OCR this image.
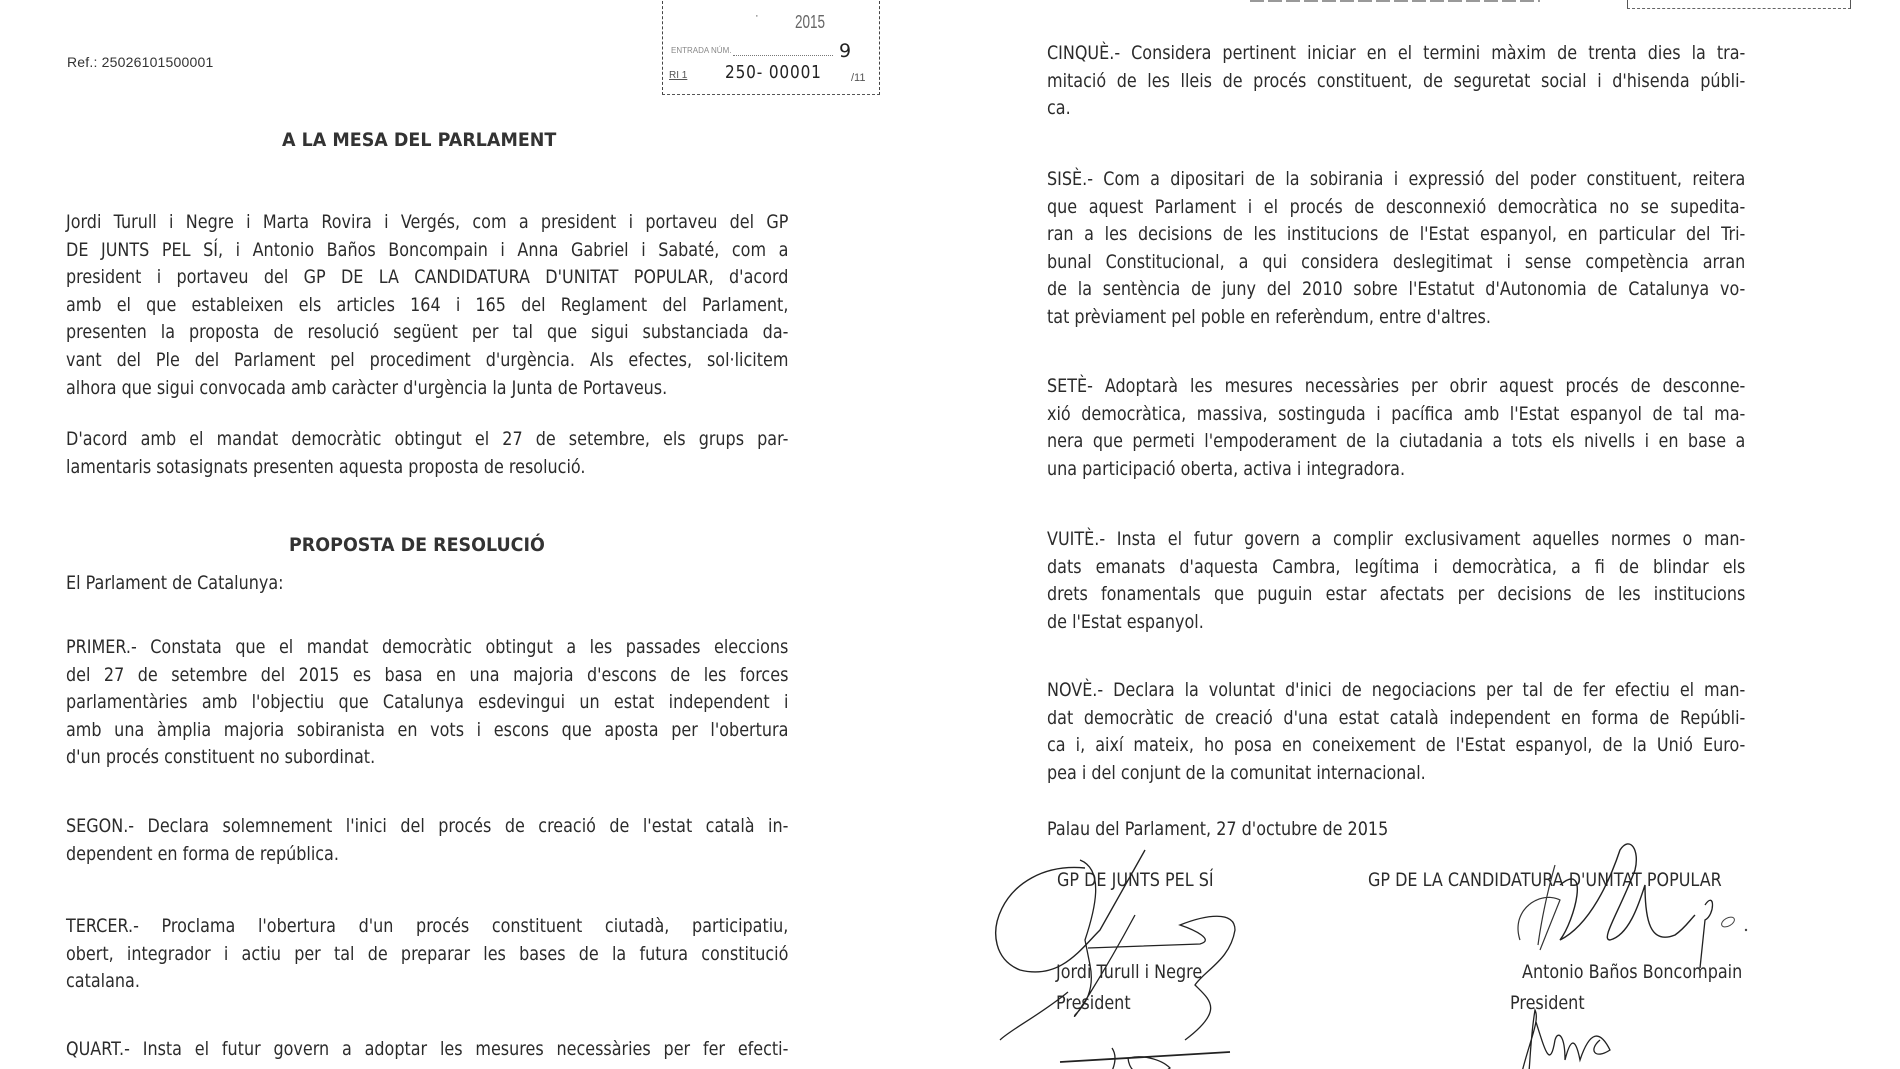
Ref.: 25026101500001
· 2015
ENTRADA NÚM.	9
RI 1 250- 00001	/11
A LA MESA DEL PARLAMENT
Jordi Turull i Negre i Marta Rovira i Vergés, com a president i portaveu del GP
DE JUNTS PEL SÍ, i Antonio Baños Boncompain i Anna Gabriel i Sabaté, com a
president i portaveu del GP DE LA CANDIDATURA D'UNITAT POPULAR, d'acord
amb el que estableixen els articles 164 i 165 del Reglament del Parlament,
presenten la proposta de resolució següent per tal que sigui substanciada da-
vant del Ple del Parlament pel procediment d'urgència. Als efectes, sol·licitem
alhora que sigui convocada amb caràcter d'urgència la Junta de Portaveus.
D'acord amb el mandat democràtic obtingut el 27 de setembre, els grups par-
lamentaris sotasignats presenten aquesta proposta de resolució.
PROPOSTA DE RESOLUCIÓ
El Parlament de Catalunya:
PRIMER.- Constata que el mandat democràtic obtingut a les passades eleccions
del 27 de setembre del 2015 es basa en una majoria d'escons de les forces
parlamentàries amb l'objectiu que Catalunya esdevingui un estat independent i
amb una àmplia majoria sobiranista en vots i escons que aposta per l'obertura
d'un procés constituent no subordinat.
SEGON.- Declara solemnement l'inici del procés de creació de l'estat català in-
dependent en forma de república.
TERCER.- Proclama l'obertura d'un procés constituent ciutadà, participatiu,
obert, integrador i actiu per tal de preparar les bases de la futura constitució
catalana.
QUART.- Insta el futur govern a adoptar les mesures necessàries per fer efecti-
CINQUÈ.- Considera pertinent iniciar en el termini màxim de trenta dies la tra-
mitació de les lleis de procés constituent, de seguretat social i d'hisenda públi-
ca.
SISÈ.- Com a dipositari de la sobirania i expressió del poder constituent, reitera
que aquest Parlament i el procés de desconnexió democràtica no se supedita-
ran a les decisions de les institucions de l'Estat espanyol, en particular del Tri-
bunal Constitucional, a qui considera deslegitimat i sense competència arran
de la sentència de juny del 2010 sobre l'Estatut d'Autonomia de Catalunya vo-
tat prèviament pel poble en referèndum, entre d'altres.
SETÈ- Adoptarà les mesures necessàries per obrir aquest procés de desconne-
xió democràtica, massiva, sostinguda i pacífica amb l'Estat espanyol de tal ma-
nera que permeti l'empoderament de la ciutadania a tots els nivells i en base a
una participació oberta, activa i integradora.
VUITÈ.- Insta el futur govern a complir exclusivament aquelles normes o man-
dats emanats d'aquesta Cambra, legítima i democràtica, a fi de blindar els
drets fonamentals que puguin estar afectats per decisions de les institucions
de l'Estat espanyol.
NOVÈ.- Declara la voluntat d'inici de negociacions per tal de fer efectiu el man-
dat democràtic de creació d'una estat català independent en forma de Repúbli-
ca i, així mateix, ho posa en coneixement de l'Estat espanyol, de la Unió Euro-
pea i del conjunt de la comunitat internacional.
Palau del Parlament, 27 d'octubre de 2015
GP DE JUNTS PEL SÍ
Jordi Turull i Negre
President
GP DE LA CANDIDATURA D'UNITAT POPULAR
Antonio Baños Boncompain
President
